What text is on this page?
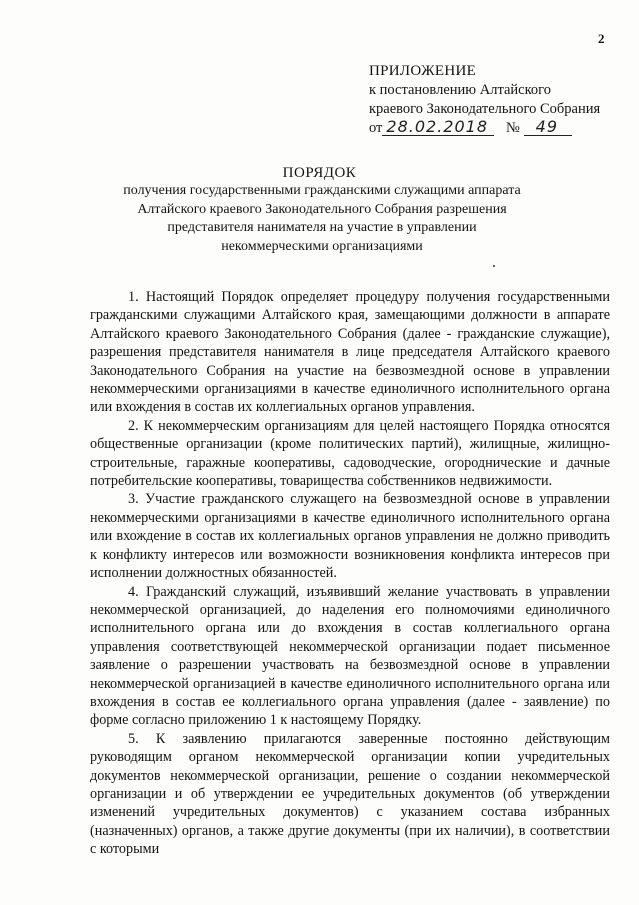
2
ПРИЛОЖЕНИЕ
к постановлению Алтайского
краевого Законодательного Собрания
от 28.02.2018	№ 49
ПОРЯДОК
получения государственными гражданскими служащими аппарата Алтайского краевого Законодательного Собрания разрешения представителя нанимателя на участие в управлении некоммерческими организациями

1. Настоящий Порядок определяет процедуру получения государственными гражданскими служащими Алтайского края, замещающими должности в аппарате Алтайского краевого Законодательного Собрания (далее - гражданские служащие), разрешения представителя нанимателя в лице председателя Алтайского краевого Законодательного Собрания на участие на безвозмездной основе в управлении некоммерческими организациями в качестве единоличного исполнительного органа или вхождения в состав их коллегиальных органов управления.

2. К некоммерческим организациям для целей настоящего Порядка относятся общественные организации (кроме политических партий), жилищные, жилищно-строительные, гаражные кооперативы, садоводческие, огороднические и дачные потребительские кооперативы, товарищества собственников недвижимости.

3. Участие гражданского служащего на безвозмездной основе в управлении некоммерческими организациями в качестве единоличного исполнительного органа или вхождение в состав их коллегиальных органов управления не должно приводить к конфликту интересов или возможности возникновения конфликта интересов при исполнении должностных обязанностей.

4. Гражданский служащий, изъявивший желание участвовать в управлении некоммерческой организацией, до наделения его полномочиями единоличного исполнительного органа или до вхождения в состав коллегиального органа управления соответствующей некоммерческой организации подает письменное заявление о разрешении участвовать на безвозмездной основе в управлении некоммерческой организацией в качестве единоличного исполнительного органа или вхождения в состав ее коллегиального органа управления (далее - заявление) по форме согласно приложению 1 к настоящему Порядку.

5. К заявлению прилагаются заверенные постоянно действующим руководящим органом некоммерческой организации копии учредительных документов некоммерческой организации, решение о создании некоммерческой организации и об утверждении ее учредительных документов (об утверждении изменений учредительных документов) с указанием состава избранных (назначенных) органов, а также другие документы (при их наличии), в соответствии с которыми
